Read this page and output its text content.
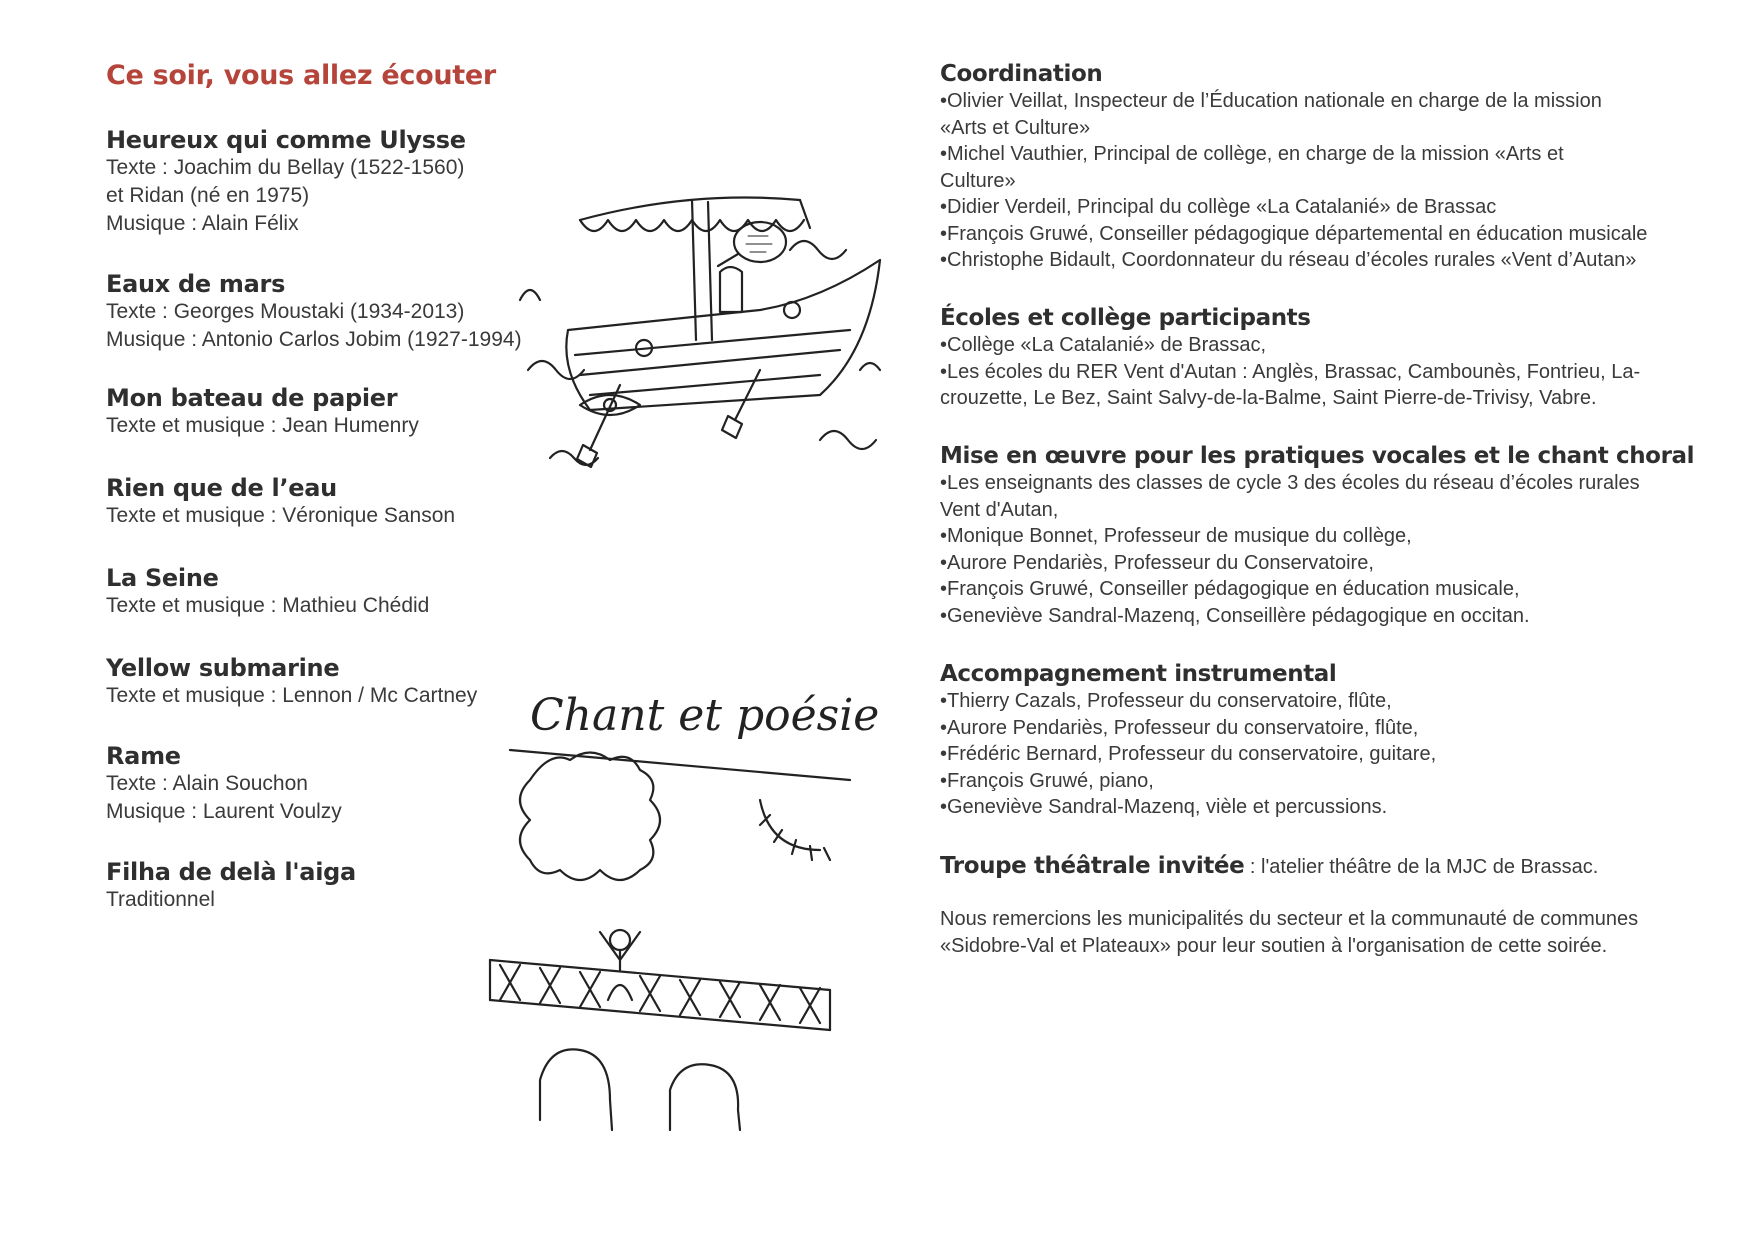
Ce soir, vous allez écouter
Heureux qui comme Ulysse
Texte : Joachim du Bellay (1522-1560)
et Ridan (né en 1975)
Musique : Alain Félix
Eaux de mars
Texte : Georges Moustaki (1934-2013)
Musique : Antonio Carlos Jobim (1927-1994)
Mon bateau de papier
Texte et musique : Jean Humenry
Rien que de l’eau
Texte et musique : Véronique Sanson
La Seine
Texte et musique : Mathieu Chédid
Yellow submarine
Texte et musique : Lennon / Mc Cartney
Rame
Texte : Alain Souchon
Musique : Laurent Voulzy
Filha de delà l'aiga
Traditionnel
Chant et poésie
Coordination
•Olivier Veillat, Inspecteur de l’Éducation nationale en charge de la mission
«Arts et Culture»
•Michel Vauthier, Principal de collège, en charge de la mission «Arts et
Culture»
•Didier Verdeil, Principal du collège «La Catalanié» de Brassac
•François Gruwé, Conseiller pédagogique départemental en éducation musicale
•Christophe Bidault, Coordonnateur du réseau d’écoles rurales «Vent d’Autan»
Écoles et collège participants
•Collège «La Catalanié» de Brassac,
•Les écoles du RER Vent d'Autan : Anglès, Brassac, Cambounès, Fontrieu, La-
crouzette, Le Bez, Saint Salvy-de-la-Balme, Saint Pierre-de-Trivisy, Vabre.
Mise en œuvre pour les pratiques vocales et le chant choral
•Les enseignants des classes de cycle 3 des écoles du réseau d’écoles rurales
Vent d'Autan,
•Monique Bonnet, Professeur de musique du collège,
•Aurore Pendariès, Professeur du Conservatoire,
•François Gruwé, Conseiller pédagogique en éducation musicale,
•Geneviève Sandral-Mazenq, Conseillère pédagogique en occitan.
Accompagnement instrumental
•Thierry Cazals, Professeur du conservatoire, flûte,
•Aurore Pendariès, Professeur du conservatoire, flûte,
•Frédéric Bernard, Professeur du conservatoire, guitare,
•François Gruwé, piano,
•Geneviève Sandral-Mazenq, vièle et percussions.
Troupe théâtrale invitée : l'atelier théâtre de la MJC de Brassac.
Nous remercions les municipalités du secteur et la communauté de communes
«Sidobre-Val et Plateaux» pour leur soutien à l'organisation de cette soirée.
